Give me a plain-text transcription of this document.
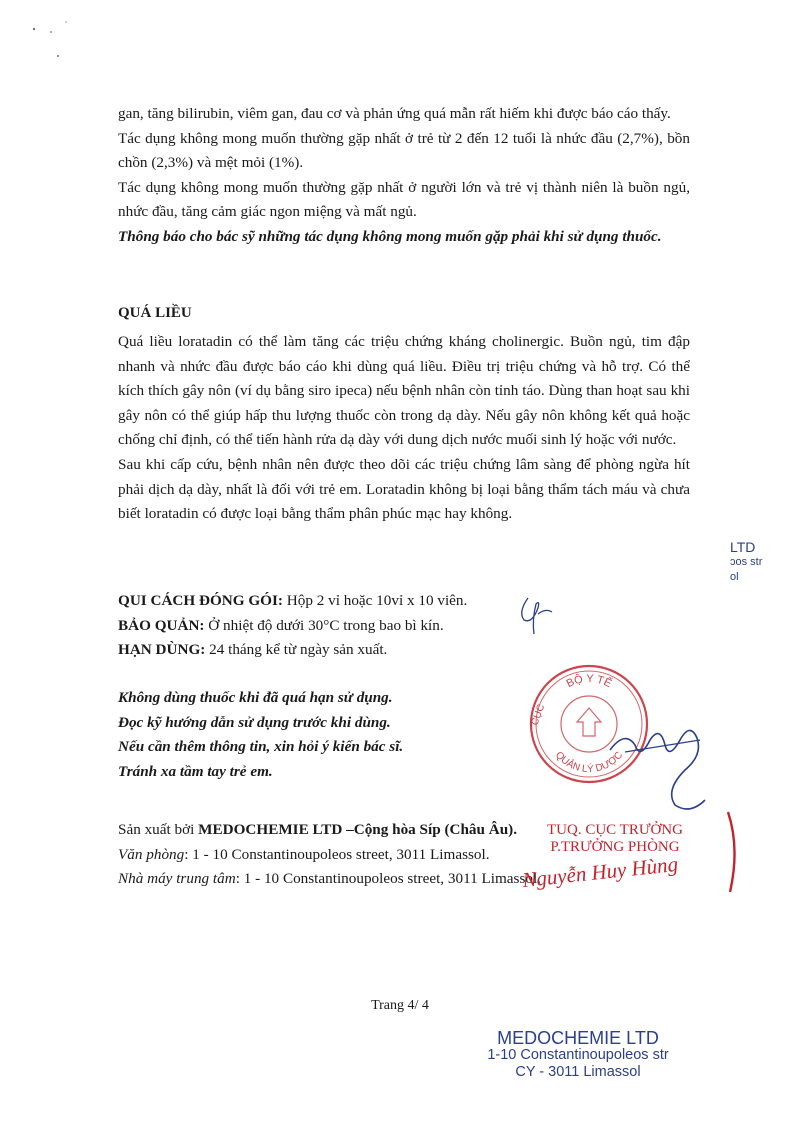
gan, tăng bilirubin, viêm gan, đau cơ và phản ứng quá mẫn rất hiếm khi được báo cáo thấy.

Tác dụng không mong muốn thường gặp nhất ở trẻ từ 2 đến 12 tuổi là nhức đầu (2,7%), bồn chồn (2,3%) và mệt mỏi (1%).

Tác dụng không mong muốn thường gặp nhất ở người lớn và trẻ vị thành niên là buồn ngủ, nhức đầu, tăng cảm giác ngon miệng và mất ngủ.

Thông báo cho bác sỹ những tác dụng không mong muốn gặp phải khi sử dụng thuốc.

QUÁ LIỀU

Quá liều loratadin có thể làm tăng các triệu chứng kháng cholinergic. Buồn ngủ, tim đập nhanh và nhức đầu được báo cáo khi dùng quá liều. Điều trị triệu chứng và hỗ trợ. Có thể kích thích gây nôn (ví dụ bằng siro ipeca) nếu bệnh nhân còn tỉnh táo. Dùng than hoạt sau khi gây nôn có thể giúp hấp thu lượng thuốc còn trong dạ dày. Nếu gây nôn không kết quả hoặc chống chỉ định, có thể tiến hành rửa dạ dày với dung dịch nước muối sinh lý hoặc với nước.

Sau khi cấp cứu, bệnh nhân nên được theo dõi các triệu chứng lâm sàng để phòng ngừa hít phải dịch dạ dày, nhất là đối với trẻ em. Loratadin không bị loại bằng thẩm tách máu và chưa biết loratadin có được loại bằng thẩm phân phúc mạc hay không.

QUI CÁCH ĐÓNG GÓI: Hộp 2 vỉ hoặc 10vỉ x 10 viên.

BẢO QUẢN: Ở nhiệt độ dưới 30°C trong bao bì kín.

HẠN DÙNG: 24 tháng kể từ ngày sản xuất.

Không dùng thuốc khi đã quá hạn sử dụng.

Đọc kỹ hướng dẫn sử dụng trước khi dùng.

Nếu cần thêm thông tin, xin hỏi ý kiến bác sĩ.

Tránh xa tầm tay trẻ em.

Sản xuất bởi MEDOCHEMIE LTD –Cộng hòa Síp (Châu Âu).

Văn phòng: 1 - 10 Constantinoupoleos street, 3011 Limassol.

Nhà máy trung tâm: 1 - 10 Constantinoupoleos street, 3011 Limassol.

BỘ Y TẾ
QUẢN LÝ DƯỢC
CỤC
TUQ. CỤC TRƯỞNG
P.TRƯỞNG PHÒNG
Nguyễn Huy Hùng
LTD
ɔos str
ol
Trang 4/ 4
MEDOCHEMIE LTD
1-10 Constantinoupoleos str
CY - 3011 Limassol
